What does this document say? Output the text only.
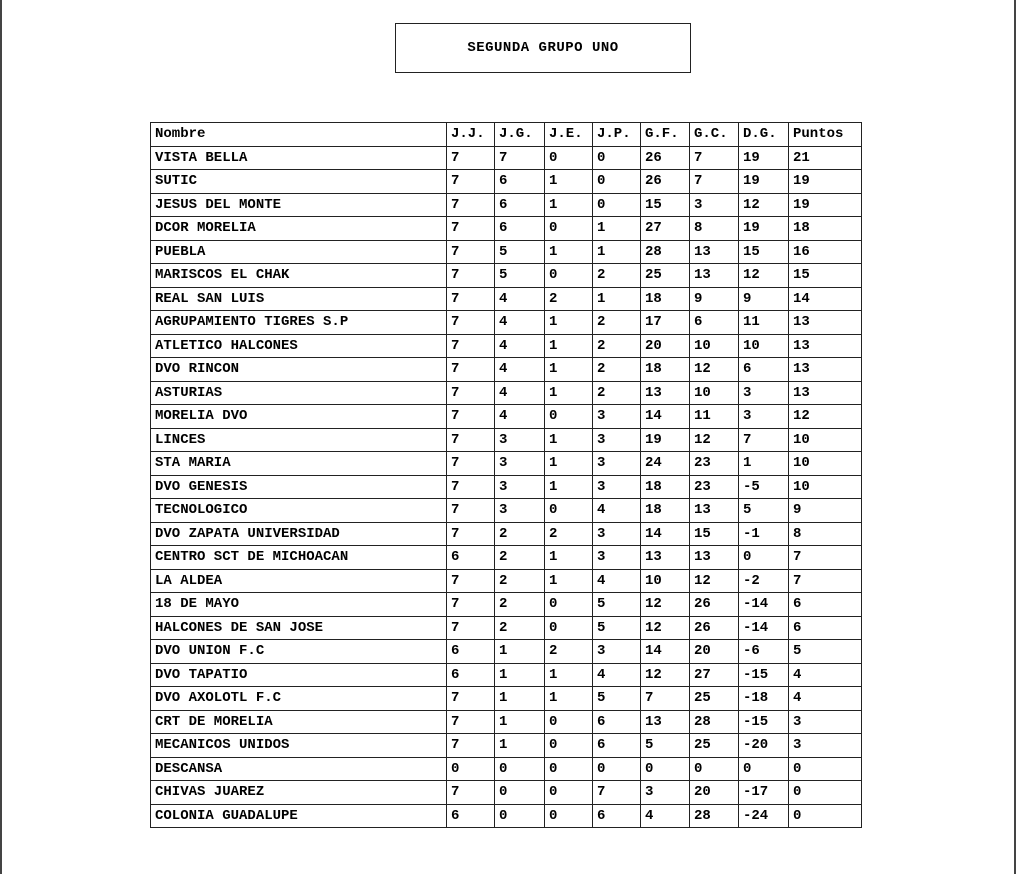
SEGUNDA GRUPO UNO
Nombre	J.J.	J.G.	J.E.	J.P.	G.F.	G.C.	D.G.	Puntos
VISTA BELLA	7	7	0	0	26	7	19	21
SUTIC	7	6	1	0	26	7	19	19
JESUS DEL MONTE	7	6	1	0	15	3	12	19
DCOR MORELIA	7	6	0	1	27	8	19	18
PUEBLA	7	5	1	1	28	13	15	16
MARISCOS EL CHAK	7	5	0	2	25	13	12	15
REAL SAN LUIS	7	4	2	1	18	9	9	14
AGRUPAMIENTO TIGRES S.P	7	4	1	2	17	6	11	13
ATLETICO HALCONES	7	4	1	2	20	10	10	13
DVO RINCON	7	4	1	2	18	12	6	13
ASTURIAS	7	4	1	2	13	10	3	13
MORELIA DVO	7	4	0	3	14	11	3	12
LINCES	7	3	1	3	19	12	7	10
STA MARIA	7	3	1	3	24	23	1	10
DVO GENESIS	7	3	1	3	18	23	-5	10
TECNOLOGICO	7	3	0	4	18	13	5	9
DVO ZAPATA UNIVERSIDAD	7	2	2	3	14	15	-1	8
CENTRO SCT DE MICHOACAN	6	2	1	3	13	13	0	7
LA ALDEA	7	2	1	4	10	12	-2	7
18 DE MAYO	7	2	0	5	12	26	-14	6
HALCONES DE SAN JOSE	7	2	0	5	12	26	-14	6
DVO UNION F.C	6	1	2	3	14	20	-6	5
DVO TAPATIO	6	1	1	4	12	27	-15	4
DVO AXOLOTL F.C	7	1	1	5	7	25	-18	4
CRT DE MORELIA	7	1	0	6	13	28	-15	3
MECANICOS UNIDOS	7	1	0	6	5	25	-20	3
DESCANSA	0	0	0	0	0	0	0	0
CHIVAS JUAREZ	7	0	0	7	3	20	-17	0
COLONIA GUADALUPE	6	0	0	6	4	28	-24	0
